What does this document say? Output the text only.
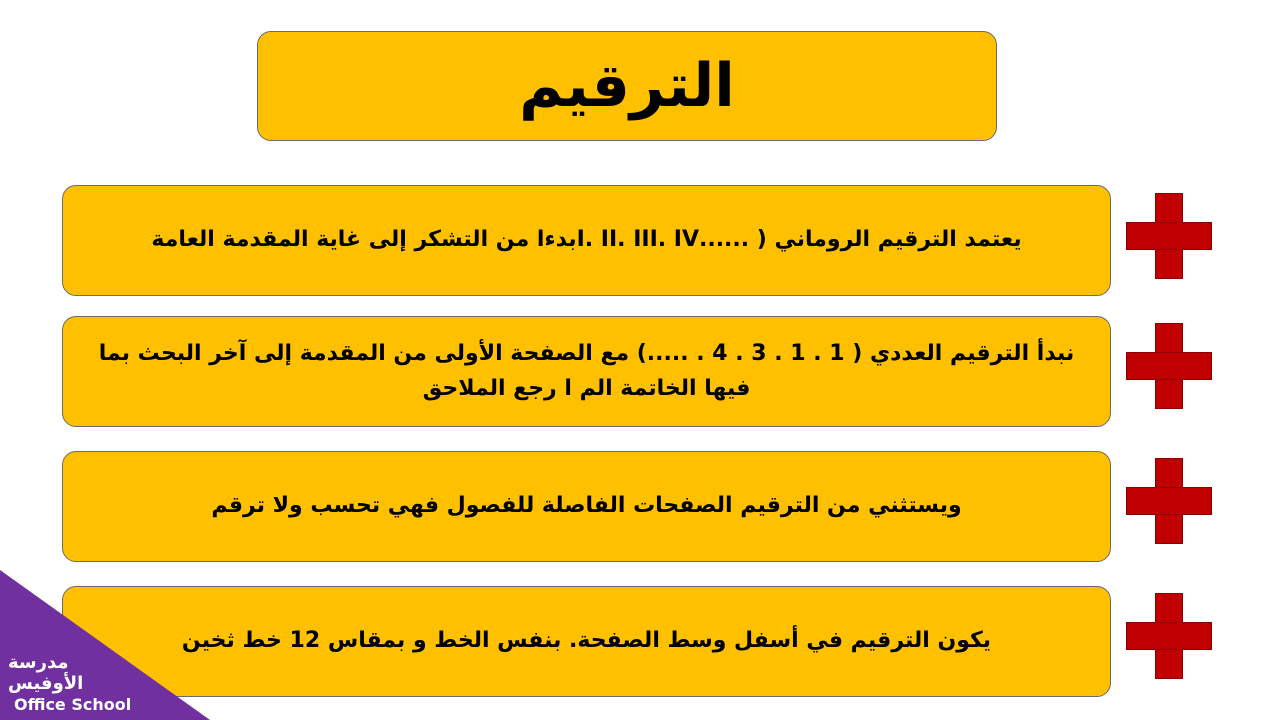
الترقيم
يعتمد الترقيم الروماني ( ......I. II. III. IVبدءا من التشكر إلى غاية المقدمة العامة
نبدأ الترقيم العددي ( 1 . 1 . 3 . 4 . .....) مع الصفحة الأولى من المقدمة إلى آخر البحث بما فيها الخاتمة الم ا رجع الملاحق
ويستثني من الترقيم الصفحات الفاصلة للفصول فهي تحسب ولا ترقم
يكون الترقيم في أسفل وسط الصفحة. بنفس الخط و بمقاس 12 خط ثخين
مدرسة الأوفيس
Office School
